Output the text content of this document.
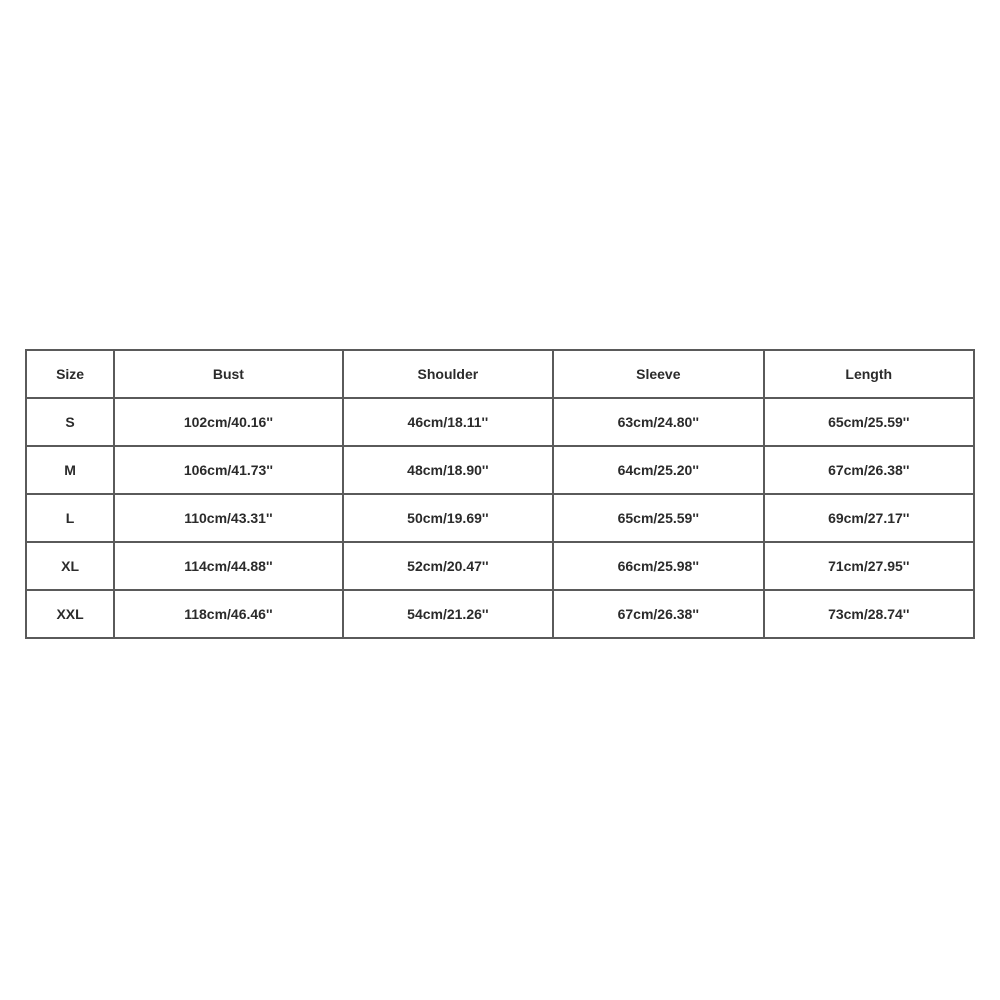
Size	Bust	Shoulder	Sleeve	Length
S	102cm/40.16''	46cm/18.11''	63cm/24.80''	65cm/25.59''
M	106cm/41.73''	48cm/18.90''	64cm/25.20''	67cm/26.38''
L	110cm/43.31''	50cm/19.69''	65cm/25.59''	69cm/27.17''
XL	114cm/44.88''	52cm/20.47''	66cm/25.98''	71cm/27.95''
XXL	118cm/46.46''	54cm/21.26''	67cm/26.38''	73cm/28.74''
